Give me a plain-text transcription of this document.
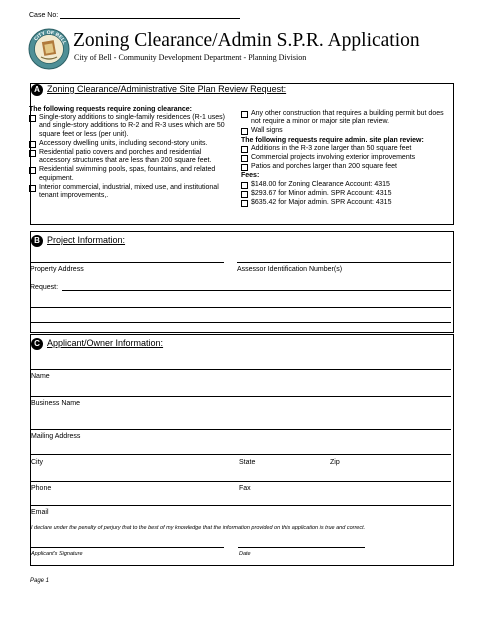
Case No:
CITY OF BELL Zoning Clearance/Admin S.P.R. Application
City of Bell - Community Development Department - Planning Division
A Zoning Clearance/Administrative Site Plan Review Request:
The following requests require zoning clearance:
Single-story additions to single-family residences (R-1 uses) and single-story additions to R-2 and R-3 uses which are 50 square feet or less (per unit).
Accessory dwelling units, including second-story units.
Residential patio covers and porches and residential accessory structures that are less than 200 square feet.
Residential swimming pools, spas, fountains, and related equipment.
Interior commercial, industrial, mixed use, and institutional tenant improvements,.
Any other construction that requires a building permit but does not require a minor or major site plan review.
Wall signs
The following requests require admin. site plan review:
Additions in the R-3 zone larger than 50 square feet
Commercial projects involving exterior improvements
Patios and porches larger than 200 square feet
Fees:
$148.00 for Zoning Clearance Account: 4315
$293.67 for Minor admin. SPR Account: 4315
$635.42 for Major admin. SPR Account: 4315
B Project Information:
Property Address	Assessor Identification Number(s)
Request:
C Applicant/Owner Information:
Name
Business Name
Mailing Address
City	State	Zip
Phone	Fax
Email
I declare under the penalty of perjury that to the best of my knowledge that the information provided on this application is true and correct.
Applicant's Signature	Date
Page 1
